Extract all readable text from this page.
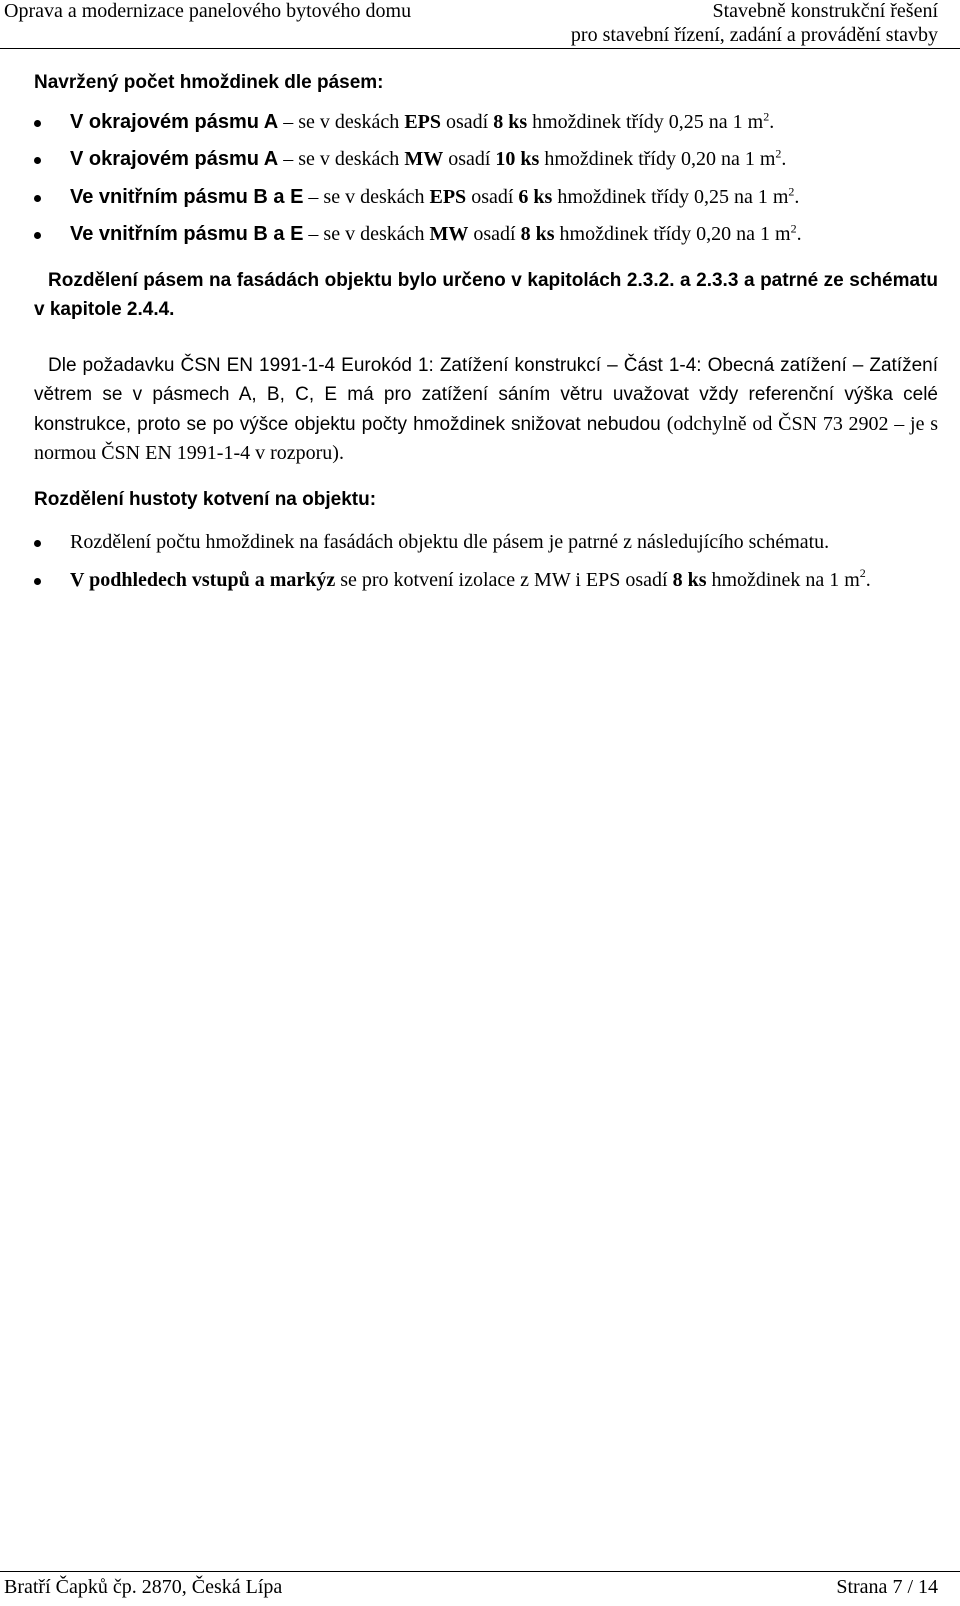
Oprava a modernizace panelového bytového domu	Stavebně konstrukční řešení
pro stavební řízení, zadání a provádění stavby
Navržený počet hmoždinek dle pásem:
V okrajovém pásmu A – se v deskách EPS osadí 8 ks hmoždinek třídy 0,25 na 1 $m^2$.
V okrajovém pásmu A – se v deskách MW osadí 10 ks hmoždinek třídy 0,20 na 1 $m^2$.
Ve vnitřním pásmu B a E – se v deskách EPS osadí 6 ks hmoždinek třídy 0,25 na 1 $m^2$.
Ve vnitřním pásmu B a E – se v deskách MW osadí 8 ks hmoždinek třídy 0,20 na 1 $m^2$.

Rozdělení pásem na fasádách objektu bylo určeno v kapitolách 2.3.2. a 2.3.3 a patrné ze schématu v kapitole 2.4.4.

Dle požadavku ČSN EN 1991-1-4 Eurokód 1: Zatížení konstrukcí – Část 1-4: Obecná zatížení – Zatížení větrem se v pásmech A, B, C, E má pro zatížení sáním větru uvažovat vždy referenční výška celé konstrukce, proto se po výšce objektu počty hmoždinek snižovat nebudou (odchylně od ČSN 73 2902 – je s normou ČSN EN 1991-1-4 v rozporu).

Rozdělení hustoty kotvení na objektu:
Rozdělení počtu hmoždinek na fasádách objektu dle pásem je patrné z následujícího schématu.
V podhledech vstupů a markýz se pro kotvení izolace z MW i EPS osadí 8 ks hmoždinek na 1 $m^2$.
Bratří Čapků čp. 2870, Česká Lípa	Strana 7 / 14
